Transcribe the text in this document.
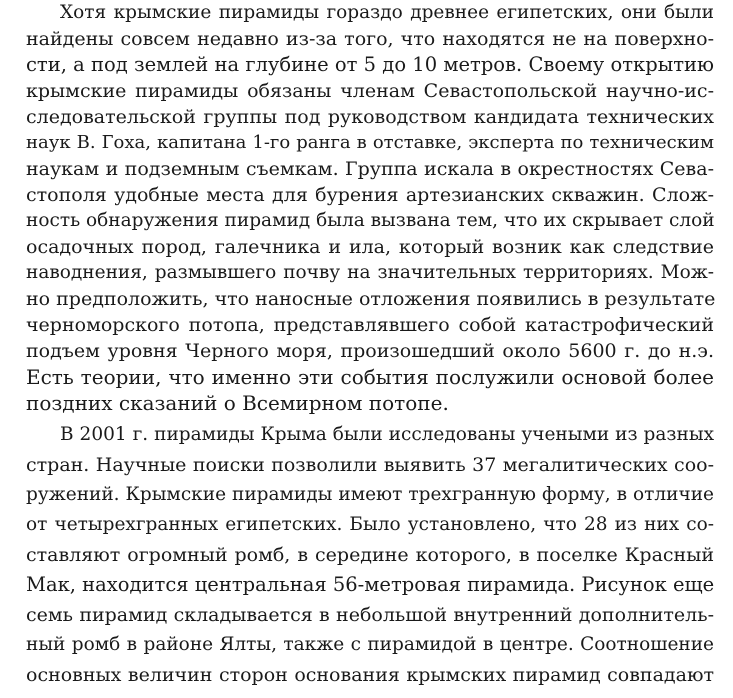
Хотя крымские пирамиды гораздо древнее египетских, они были

найдены совсем недавно из-за того, что находятся не на поверхно-

сти, а под землей на глубине от 5 до 10 метров. Своему открытию

крымские пирамиды обязаны членам Севастопольской научно-ис-

следовательской группы под руководством кандидата технических

наук В. Гоха, капитана 1-го ранга в отставке, эксперта по техническим

наукам и подземным съемкам. Группа искала в окрестностях Сева-

стополя удобные места для бурения артезианских скважин. Слож-

ность обнаружения пирамид была вызвана тем, что их скрывает слой

осадочных пород, галечника и ила, который возник как следствие

наводнения, размывшего почву на значительных территориях. Мож-

но предположить, что наносные отложения появились в результате

черноморского потопа, представлявшего собой катастрофический

подъем уровня Черного моря, произошедший около 5600 г. до н.э.

Есть теории, что именно эти события послужили основой более

поздних сказаний о Всемирном потопе.

В 2001 г. пирамиды Крыма были исследованы учеными из разных

стран. Научные поиски позволили выявить 37 мегалитических соо-

ружений. Крымские пирамиды имеют трехгранную форму, в отличие

от четырехгранных египетских. Было установлено, что 28 из них со-

ставляют огромный ромб, в середине которого, в поселке Красный

Мак, находится центральная 56-метровая пирамида. Рисунок еще

семь пирамид складывается в небольшой внутренний дополнитель-

ный ромб в районе Ялты, также с пирамидой в центре. Соотношение

основных величин сторон основания крымских пирамид совпадают
